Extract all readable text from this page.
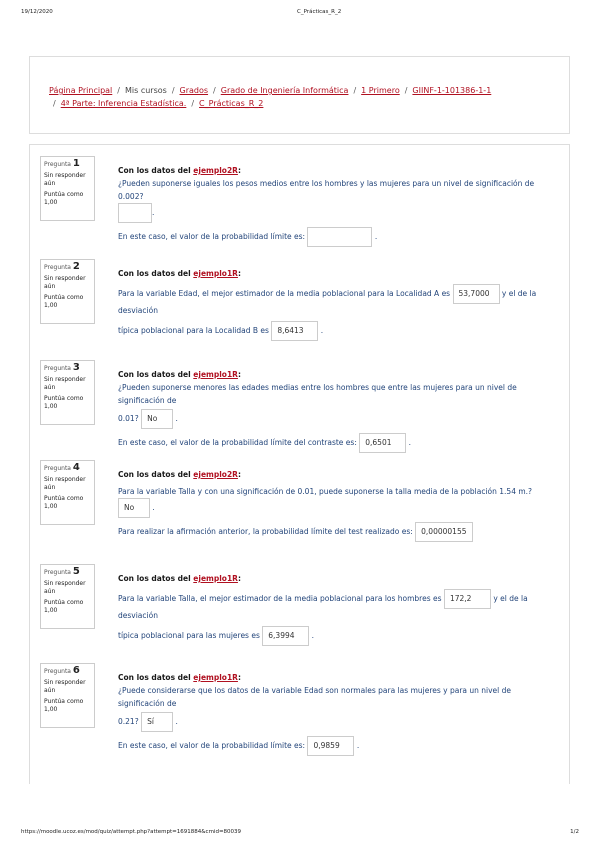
19/12/2020	C_Prácticas_R_2
Página Principal / Mis cursos / Grados / Grado de Ingeniería Informática / 1 Primero / GIINF-1-101386-1-1
/ 4ª Parte: Inferencia Estadística. / C_Prácticas_R_2
Pregunta 1
Sin responder aún
Puntúa como 1,00

Con los datos del ejemplo2R:

¿Pueden suponerse iguales los pesos medios entre los hombres y las mujeres para un nivel de significación de 0.002?

.

En este caso, el valor de la probabilidad límite es:	.

Pregunta 2
Sin responder aún
Puntúa como 1,00

Con los datos del ejemplo1R:

Para la variable Edad, el mejor estimador de la media poblacional para la Localidad A es 53,7000 y el de la desviación

típica poblacional para la Localidad B es 8,6413 .

Pregunta 3
Sin responder aún
Puntúa como 1,00

Con los datos del ejemplo1R:

¿Pueden suponerse menores las edades medias entre los hombres que entre las mujeres para un nivel de significación de

0.01? No .

En este caso, el valor de la probabilidad límite del contraste es: 0,6501 .

Pregunta 4
Sin responder aún
Puntúa como 1,00

Con los datos del ejemplo2R:

Para la variable Talla y con una significación de 0.01, puede suponerse la talla media de la población 1.54 m.? No .

Para realizar la afirmación anterior, la probabilidad límite del test realizado es: 0,00000155

Pregunta 5
Sin responder aún
Puntúa como 1,00

Con los datos del ejemplo1R:

Para la variable Talla, el mejor estimador de la media poblacional para los hombres es 172,2	y el de la desviación

típica poblacional para las mujeres es 6,3994 .

Pregunta 6
Sin responder aún
Puntúa como 1,00

Con los datos del ejemplo1R:

¿Puede considerarse que los datos de la variable Edad son normales para las mujeres y para un nivel de significación de

0.21? Sí	.

En este caso, el valor de la probabilidad límite es: 0,9859 .

https://moodle.ucoz.es/mod/quiz/attempt.php?attempt=1691884&cmid=80039	1/2
